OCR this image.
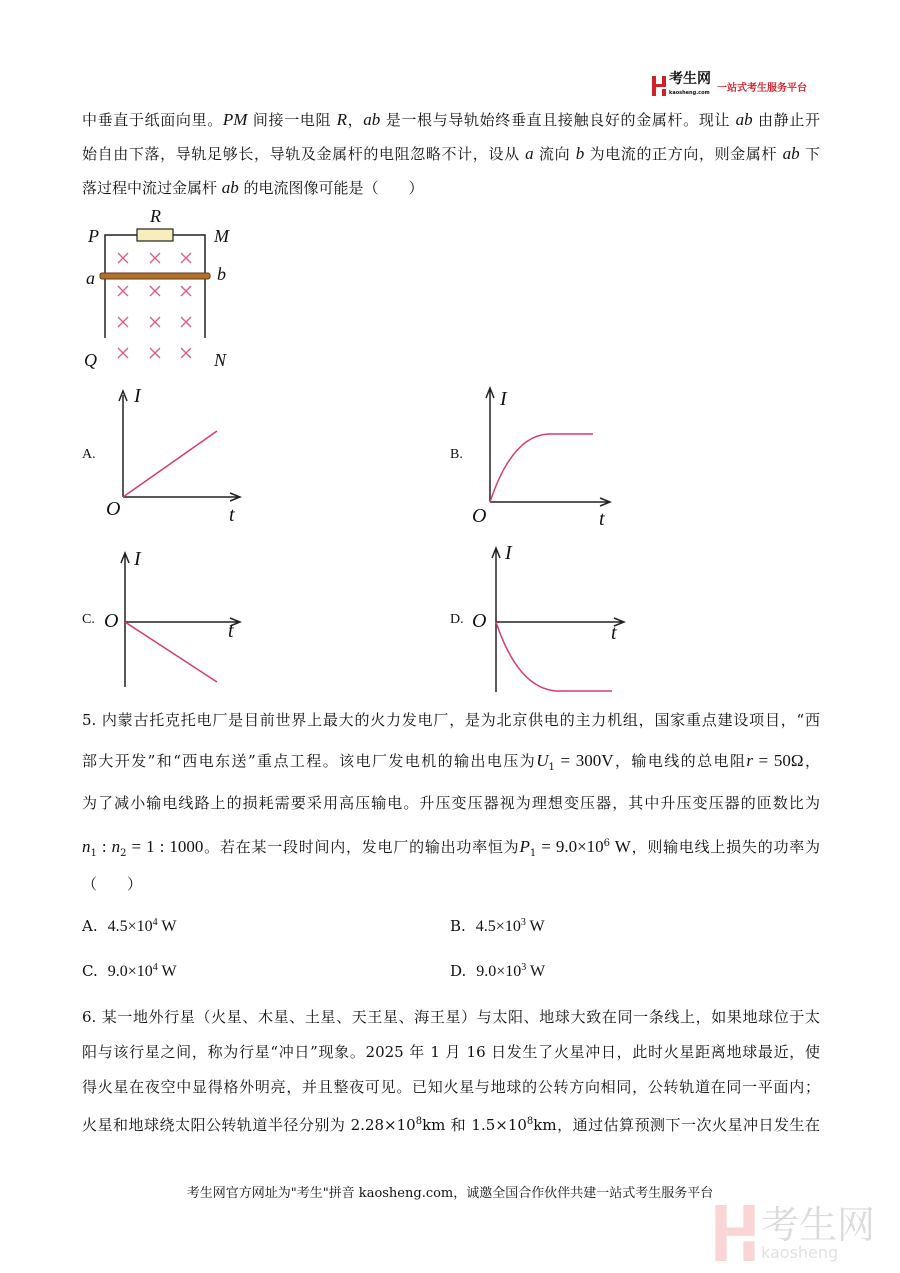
考生网
kaosheng.com 一站式考生服务平台
中垂直于纸面向里。PM 间接一电阻 R，ab 是一根与导轨始终垂直且接触良好的金属杆。现让 ab 由静止开
始自由下落，导轨足够长，导轨及金属杆的电阻忽略不计，设从 a 流向 b 为电流的正方向，则金属杆 ab 下
落过程中流过金属杆 ab 的电流图像可能是（　　）
R
P	M
a	b
Q	N
A.
I
O	t
B.
I
O	t
C.
I
O	t
D.
I
O
t
5. 内蒙古托克托电厂是目前世界上最大的火力发电厂，是为北京供电的主力机组，国家重点建设项目，“西
部大开发”和“西电东送”重点工程。该电厂发电机的输出电压为$U_1 = 300V$，输电线的总电阻r = 50Ω，
为了减小输电线路上的损耗需要采用高压输电。升压变压器视为理想变压器，其中升压变压器的匝数比为
$n_1$ : $n_2 = 1$ : 1000。若在某一段时间内，发电厂的输出功率恒为$P_1 = 9.0\times 10^6$ W，则输电线上损失的功率为
（　　）
A. $4.5\times 10^4$ W	B. $4.5\times 10^3$ W
C. $9.0\times 10^4$ W	D. $9.0\times 10^3$ W
6. 某一地外行星（火星、木星、土星、天王星、海王星）与太阳、地球大致在同一条线上，如果地球位于太
阳与该行星之间，称为行星“冲日”现象。2025 年 1 月 16 日发生了火星冲日，此时火星距离地球最近，使
得火星在夜空中显得格外明亮，并且整夜可见。已知火星与地球的公转方向相同，公转轨道在同一平面内；
火星和地球绕太阳公转轨道半径分别为 $2.28\times 10^8km$ 和 $1.5\times 10^8km$，通过估算预测下一次火星冲日发生在
考生网官方网址为"考生"拼音 kaosheng.com，诚邀全国合作伙伴共建一站式考生服务平台
考生网
kaosheng
